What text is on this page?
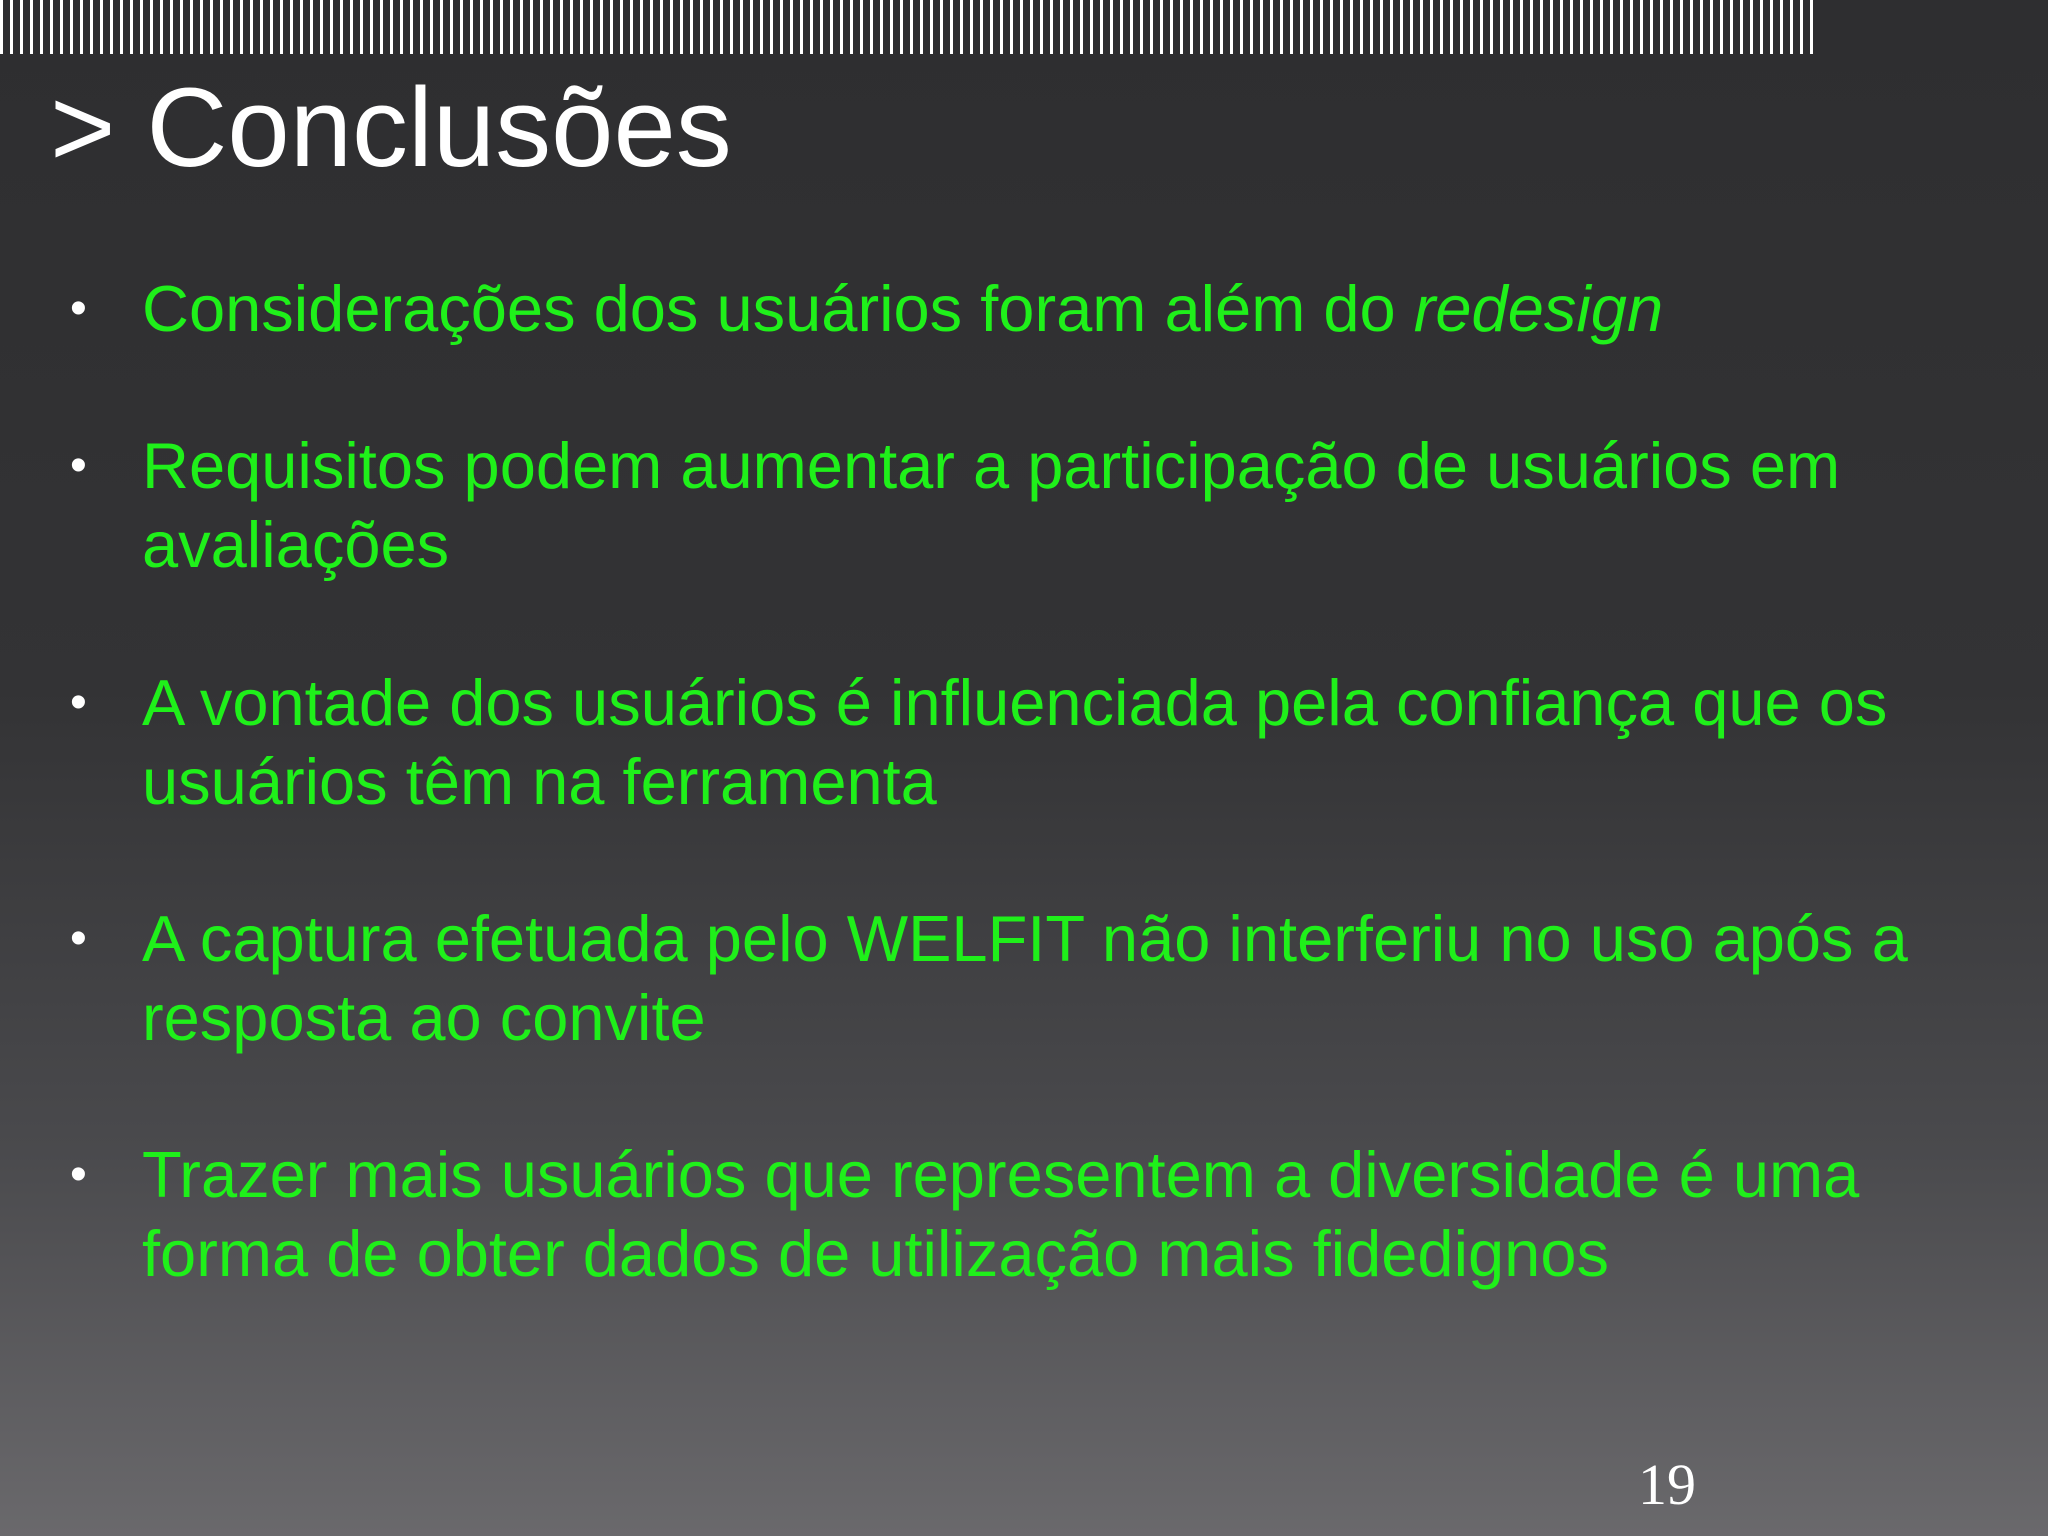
> Conclusões
• Considerações dos usuários foram além do redesign
• Requisitos podem aumentar a participação de usuários em avaliações
• A vontade dos usuários é influenciada pela confiança que os usuários têm na ferramenta
• A captura efetuada pelo WELFIT não interferiu no uso após a resposta ao convite
• Trazer mais usuários que representem a diversidade é uma forma de obter dados de utilização mais fidedignos
19
